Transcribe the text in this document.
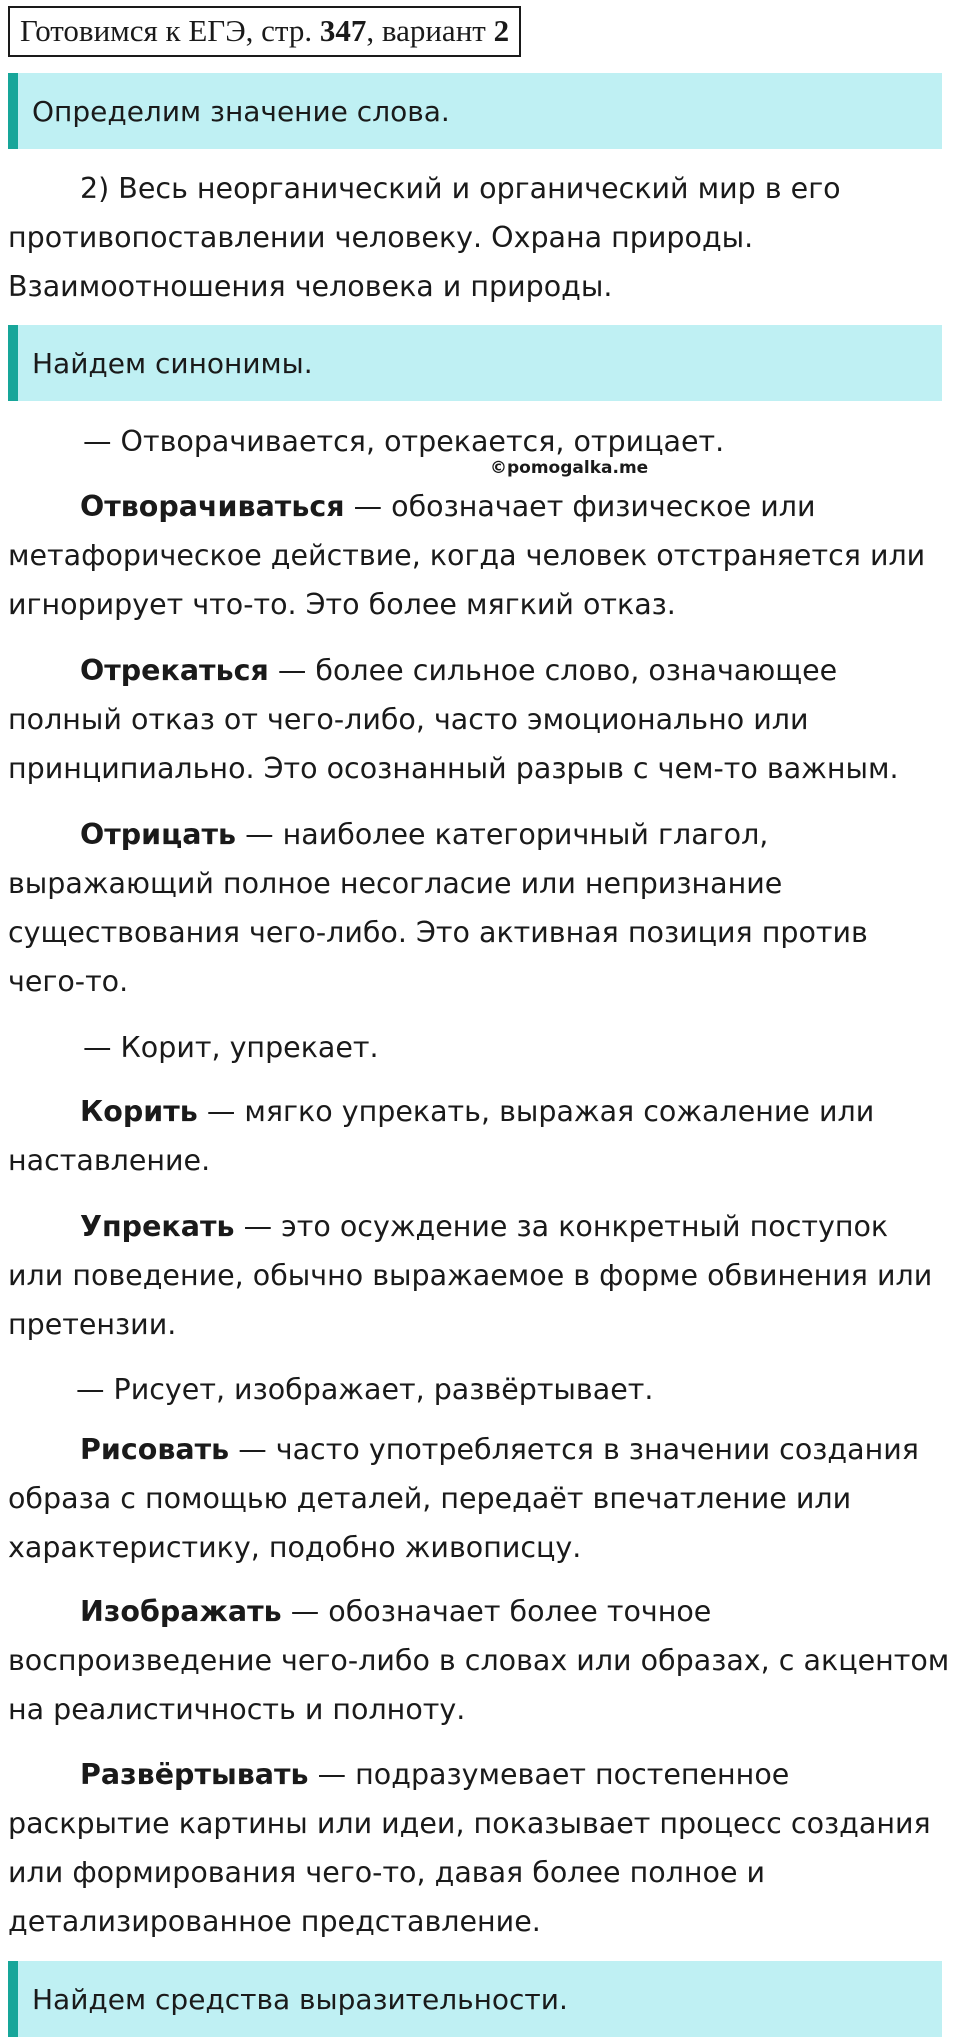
Готовимся к ЕГЭ, стр. 347, вариант 2
Определим значение слова.

2) Весь неорганический и органический мир в его противопоставлении человеку. Охрана природы. Взаимоотношения человека и природы.

Найдем синонимы.

— Отворачивается, отрекается, отрицает.

©pomogalka.me

Отворачиваться — обозначает физическое или метафорическое действие, когда человек отстраняется или игнорирует что-то. Это более мягкий отказ.

Отрекаться — более сильное слово, означающее полный отказ от чего-либо, часто эмоционально или принципиально. Это осознанный разрыв с чем-то важным.

Отрицать — наиболее категоричный глагол, выражающий полное несогласие или непризнание существования чего-либо. Это активная позиция против чего-то.

— Корит, упрекает.

Корить — мягко упрекать, выражая сожаление или наставление.

Упрекать — это осуждение за конкретный поступок или поведение, обычно выражаемое в форме обвинения или претензии.

— Рисует, изображает, развёртывает.

Рисовать — часто употребляется в значении создания образа с помощью деталей, передаёт впечатление или характеристику, подобно живописцу.

Изображать — обозначает более точное воспроизведение чего-либо в словах или образах, с акцентом на реалистичность и полноту.

Развёртывать — подразумевает постепенное раскрытие картины или идеи, показывает процесс создания или формирования чего-то, давая более полное и детализированное представление.

Найдем средства выразительности.
